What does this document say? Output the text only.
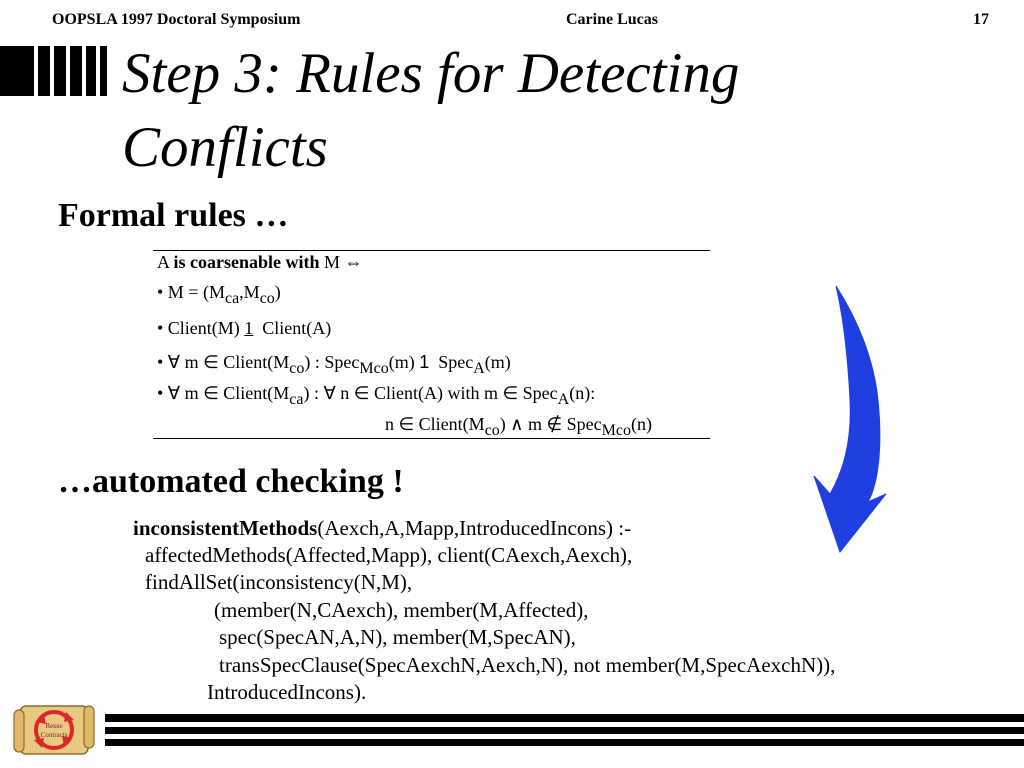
OOPSLA 1997 Doctoral Symposium	Carine Lucas	17
Step 3: Rules for Detecting
Conflicts
Formal rules …
A is coarsenable with M ⇔
• M = (Mca,Mco)
• Client(M) 1  Client(A)
• ∀ m ∈ Client(Mco) : SpecMco(m) 1  SpecA(m)
• ∀ m ∈ Client(Mca) : ∀ n ∈ Client(A) with m ∈ SpecA(n):
n ∈ Client(Mco) ∧ m ∉ SpecMco(n)
…automated checking !
inconsistentMethods(Aexch,A,Mapp,IntroducedIncons) :-
affectedMethods(Affected,Mapp), client(CAexch,Aexch),
findAllSet(inconsistency(N,M),
(member(N,CAexch), member(M,Affected),
spec(SpecAN,A,N), member(M,SpecAN),
transSpecClause(SpecAexchN,Aexch,N), not member(M,SpecAexchN)),
IntroducedIncons).
Reuse
Contracts
